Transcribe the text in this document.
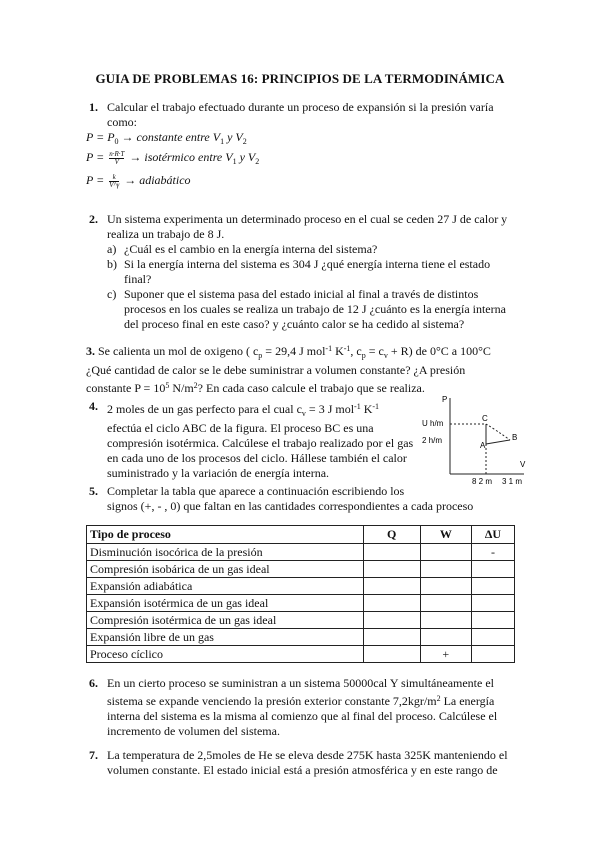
GUIA DE PROBLEMAS 16: PRINCIPIOS DE LA TERMODINÁMICA
1. Calcular el trabajo efectuado durante un proceso de expansión si la presión varía
como:
$P = P_0$ → constante entre $V_1$ y $V_2$
$P = \frac{n\cdot R\cdot T}{V}$ → isotérmico entre $V_1$ y $V_2$
$P = \frac{k}{V\^{}\gamma}$ → adiabático
2. Un sistema experimenta un determinado proceso en el cual se ceden 27 J de calor y
realiza un trabajo de 8 J.
a) ¿Cuál es el cambio en la energía interna del sistema?
b) Si la energía interna del sistema es 304 J ¿qué energía interna tiene el estado
final?
c) Suponer que el sistema pasa del estado inicial al final a través de distintos
procesos en los cuales se realiza un trabajo de 12 J ¿cuánto es la energía interna
del proceso final en este caso? y ¿cuánto calor se ha cedido al sistema?
3. Se calienta un mol de oxigeno ( $c_p = 29,4$ J mol$^{-1}$ $K^{-1}$, $c_p = c_v + R$) de 0°C a 100°C
¿Qué cantidad de calor se le debe suministrar a volumen constante? ¿A presión
constante $P = 10^5$ $N/m^2$? En cada caso calcule el trabajo que se realiza.
4. 2 moles de un gas perfecto para el cual $c_v = 3$ J mol$^{-1}$ $K^{-1}$
efectúa el ciclo ABC de la figura. El proceso BC es una
compresión isotérmica. Calcúlese el trabajo realizado por el gas
en cada uno de los procesos del ciclo. Hállese también el calor
suministrado y la variación de energía interna.
P
V
U h/m
2 h/m
C
B
A
8 2 m 3 1 m
5. Completar la tabla que aparece a continuación escribiendo los
signos (+, - , 0) que faltan en las cantidades correspondientes a cada proceso
Tipo de proceso	Q	W	ΔU
Disminución isocórica de la presión			-
Compresión isobárica de un gas ideal			
Expansión adiabática			
Expansión isotérmica de un gas ideal			
Compresión isotérmica de un gas ideal			
Expansión libre de un gas			
Proceso cíclico		+	
6. En un cierto proceso se suministran a un sistema 50000cal Y simultáneamente el
sistema se expande venciendo la presión exterior constante $7,2kgr/m^2$ La energía
interna del sistema es la misma al comienzo que al final del proceso. Calcúlese el
incremento de volumen del sistema.
7. La temperatura de 2,5moles de He se eleva desde 275K hasta 325K manteniendo el
volumen constante. El estado inicial está a presión atmosférica y en este rango de
